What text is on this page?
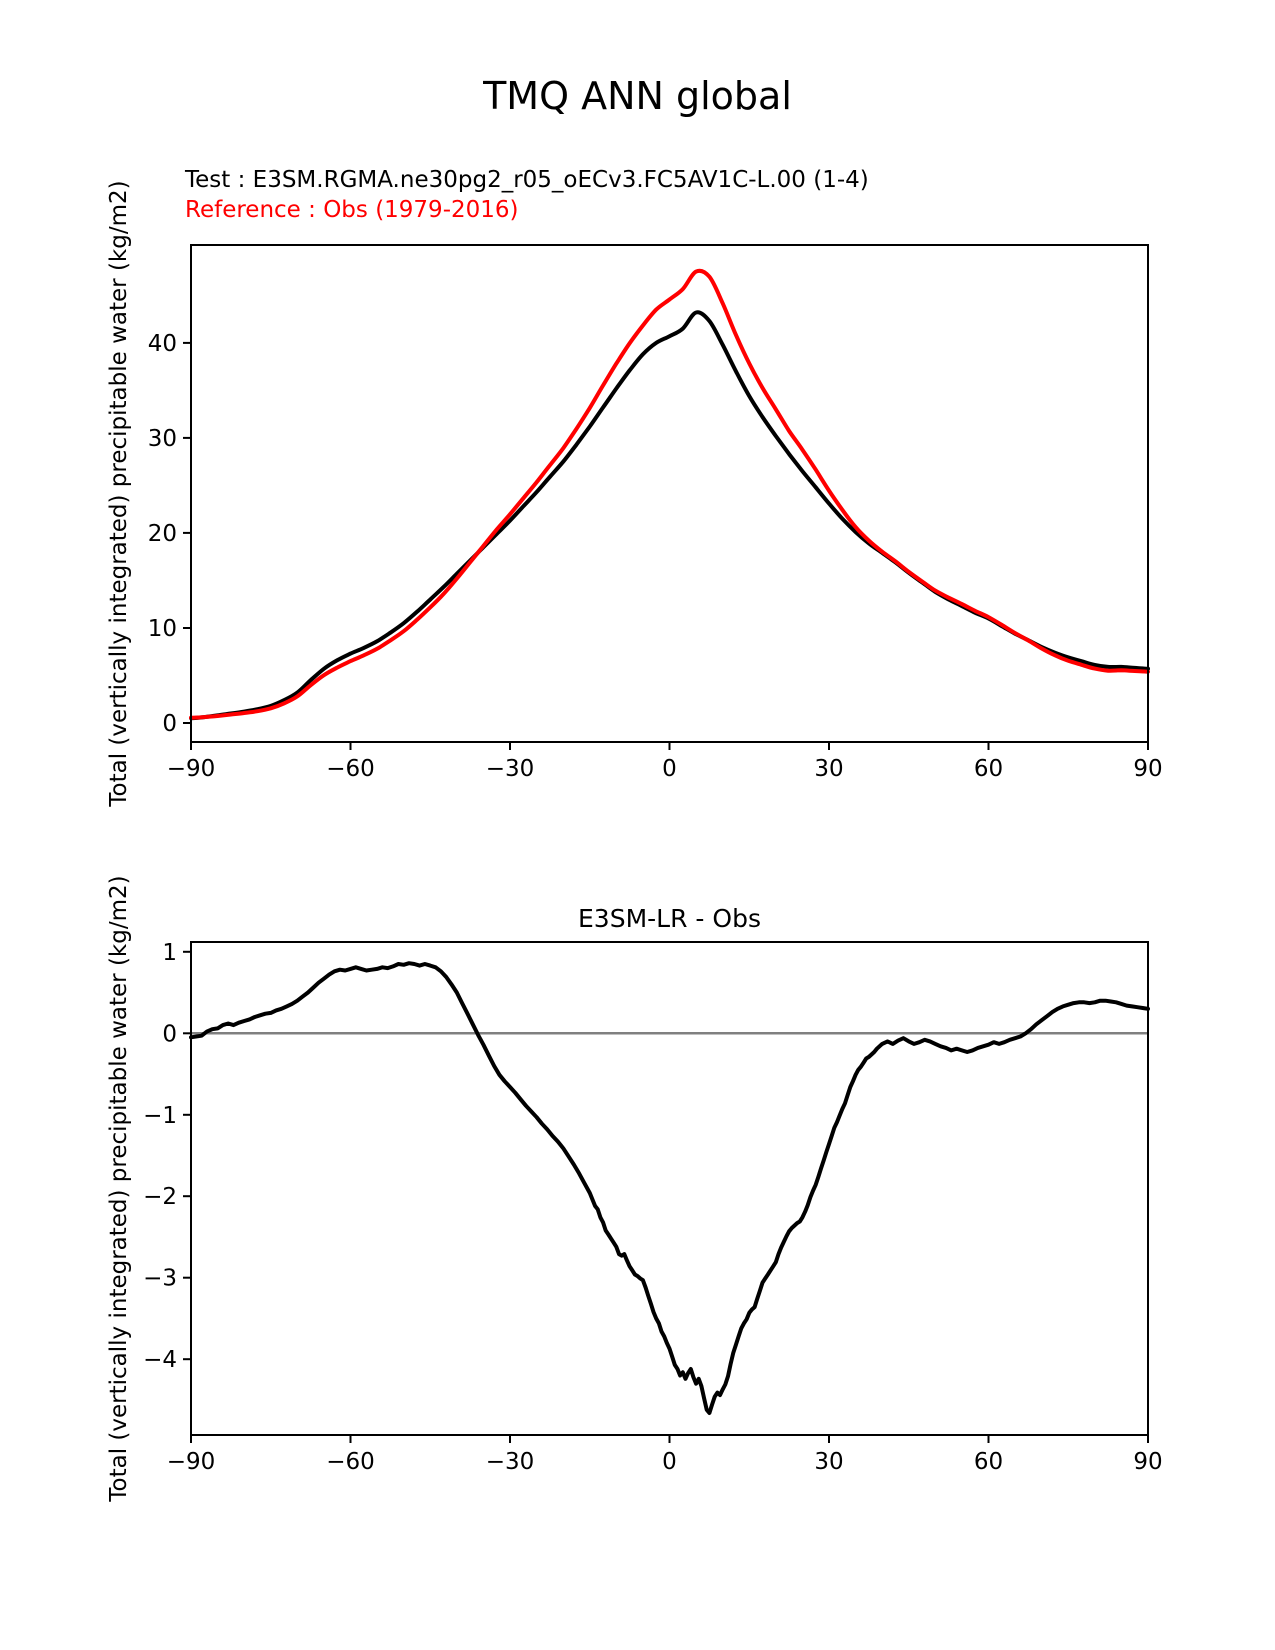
TMQ ANN global
Test : E3SM.RGMA.ne30pg2_r05_oECv3.FC5AV1C-L.00 (1-4)
Reference : Obs (1979-2016)
−90	−60	−30	0	30	60	90
0
10
20
30
40
Total (vertically integrated) precipitable water (kg/m2)
−90	−60	−30	0	30	60	90
1
0
−1
−2
−3
−4
E3SM-LR - Obs
Total (vertically integrated) precipitable water (kg/m2)
